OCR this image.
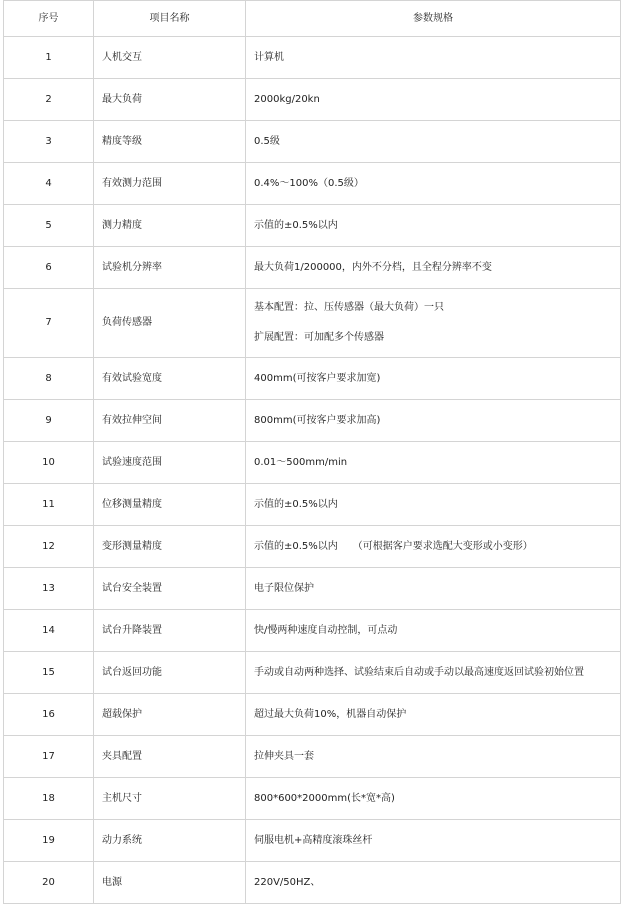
序号	项目名称	参数规格
1	人机交互	计算机
2	最大负荷	2000kg/20kn
3	精度等级	0.5级
4	有效测力范围	0.4%～100%（0.5级）
5	测力精度	示值的±0.5%以内
6	试验机分辨率	最大负荷1/200000，内外不分档，且全程分辨率不变
7	负荷传感器	基本配置：拉、压传感器（最大负荷）一只
扩展配置：可加配多个传感器

8	有效试验宽度	400mm(可按客户要求加宽)
9	有效拉伸空间	800mm(可按客户要求加高)
10	试验速度范围	0.01～500mm/min
11	位移测量精度	示值的±0.5%以内
12	变形测量精度	示值的±0.5%以内　　（可根据客户要求选配大变形或小变形）
13	试台安全装置	电子限位保护
14	试台升降装置	快/慢两种速度自动控制，可点动
15	试台返回功能	手动或自动两种选择、试验结束后自动或手动以最高速度返回试验初始位置
16	超载保护	超过最大负荷10%，机器自动保护
17	夹具配置	拉伸夹具一套
18	主机尺寸	800*600*2000mm(长*宽*高)
19	动力系统	伺服电机+高精度滚珠丝杆
20	电源	220V/50HZ、
